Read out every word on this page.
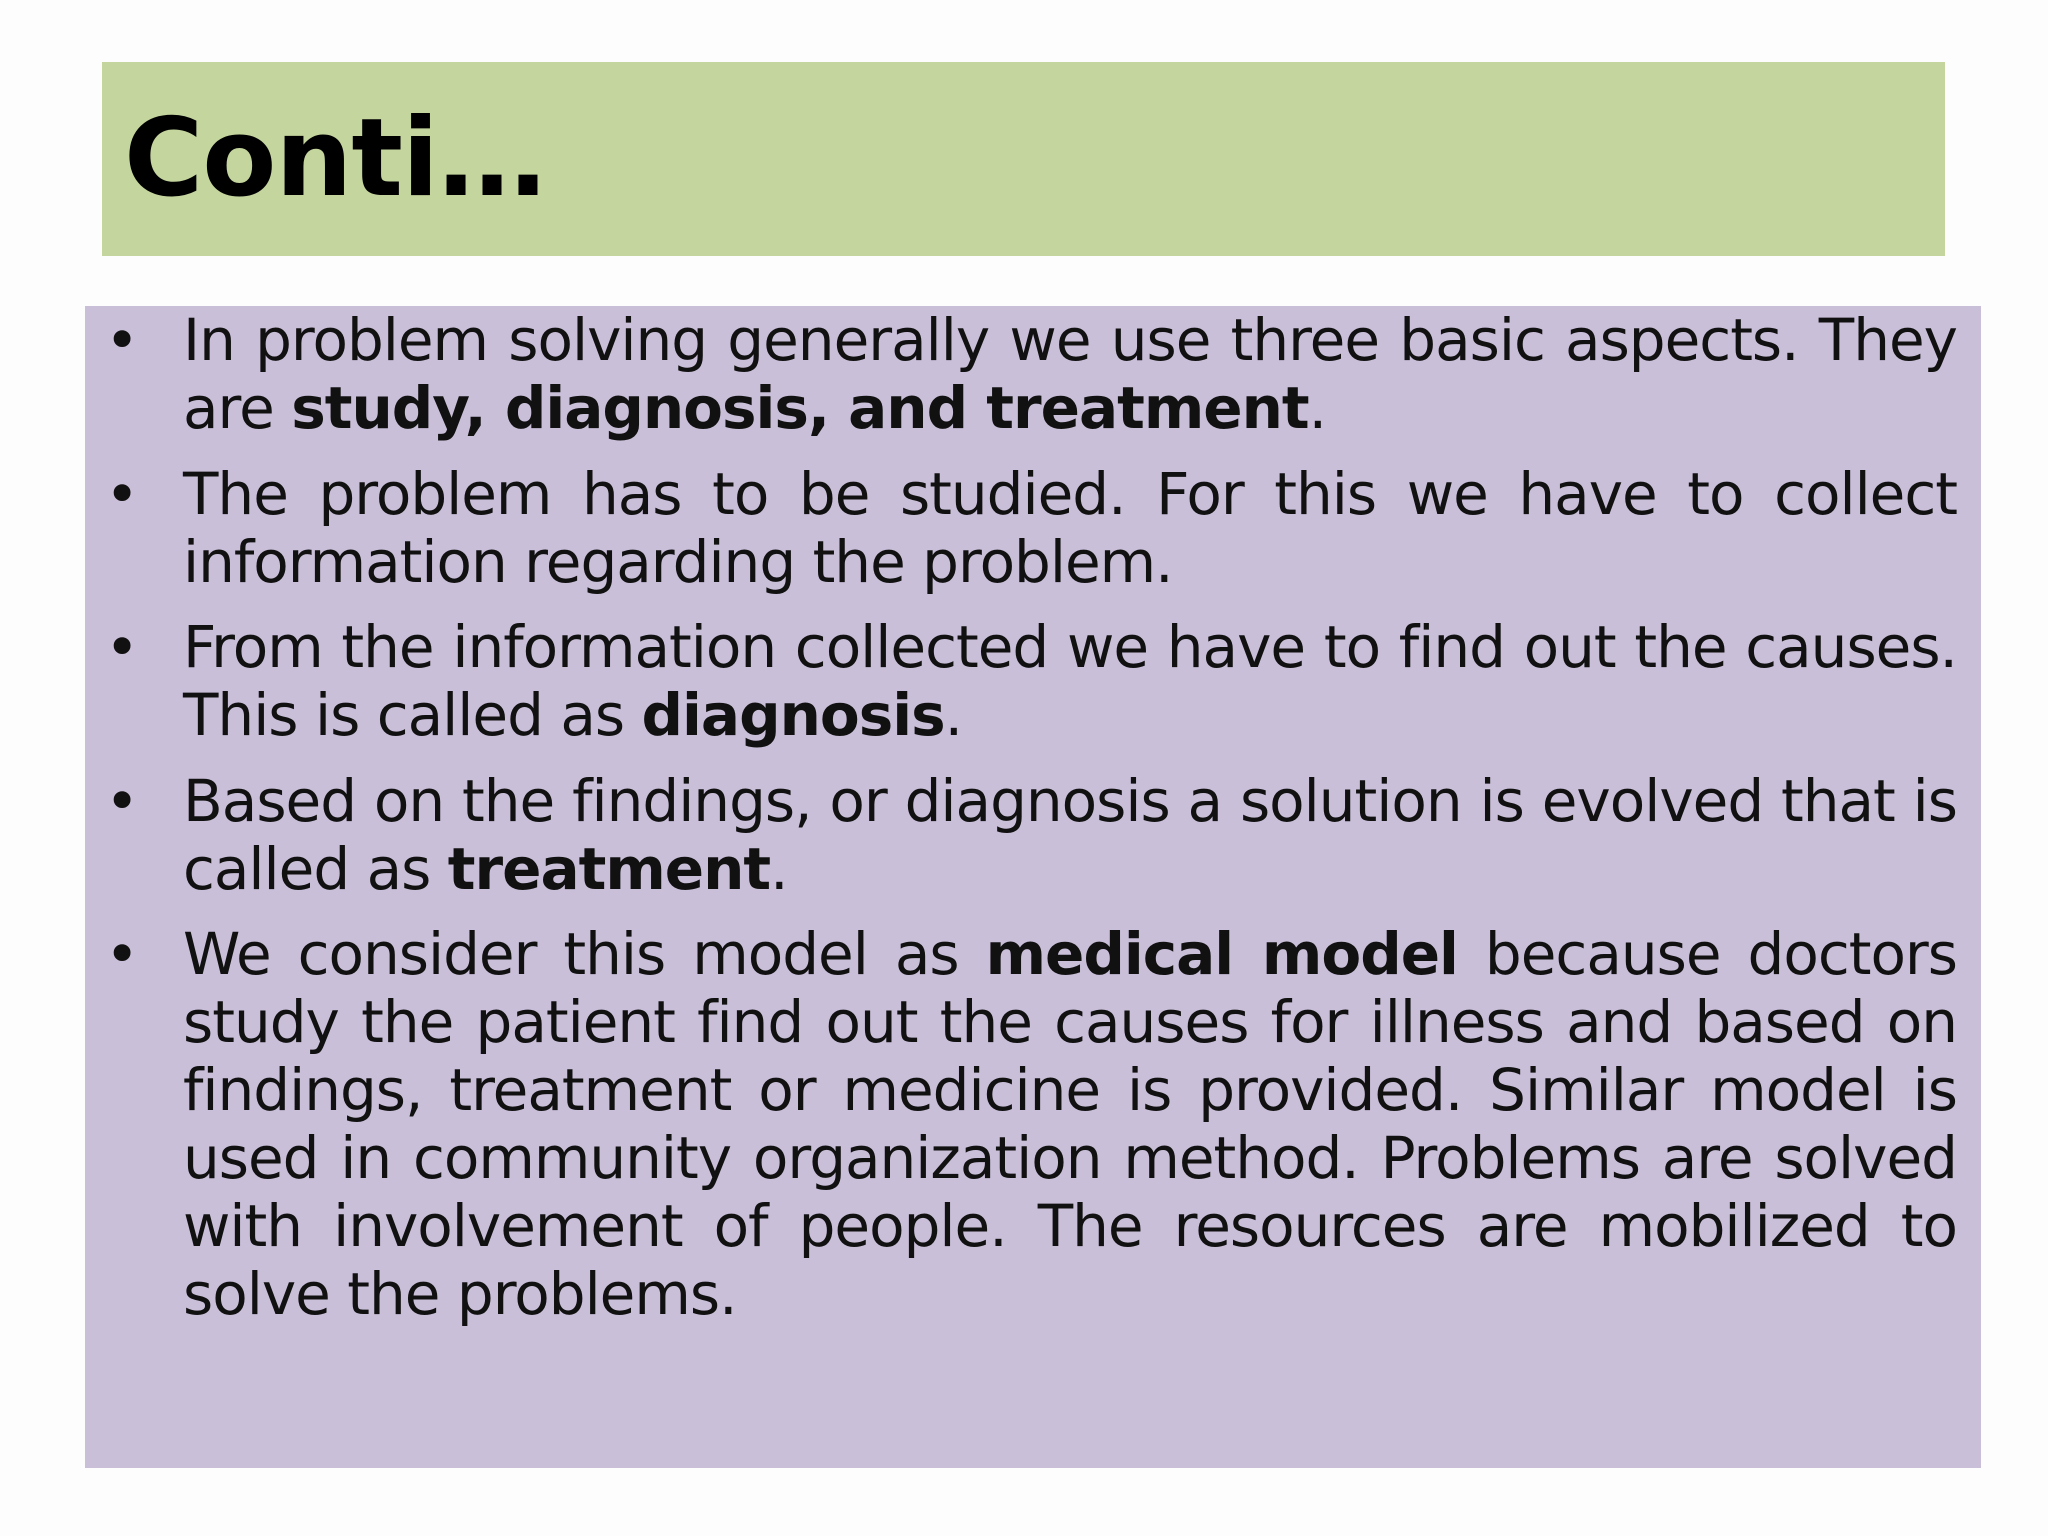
Conti…
• In problem solving generally we use three basic aspects. They are study, diagnosis, and treatment.
• The problem has to be studied. For this we have to collect information regarding the problem.
• From the information collected we have to find out the causes. This is called as diagnosis.
• Based on the findings, or diagnosis a solution is evolved that is called as treatment.
• We consider this model as medical model because doctors study the patient find out the causes for illness and based on findings, treatment or medicine is provided. Similar model is used in community organization method. Problems are solved with involvement of people. The resources are mobilized to solve the problems.
